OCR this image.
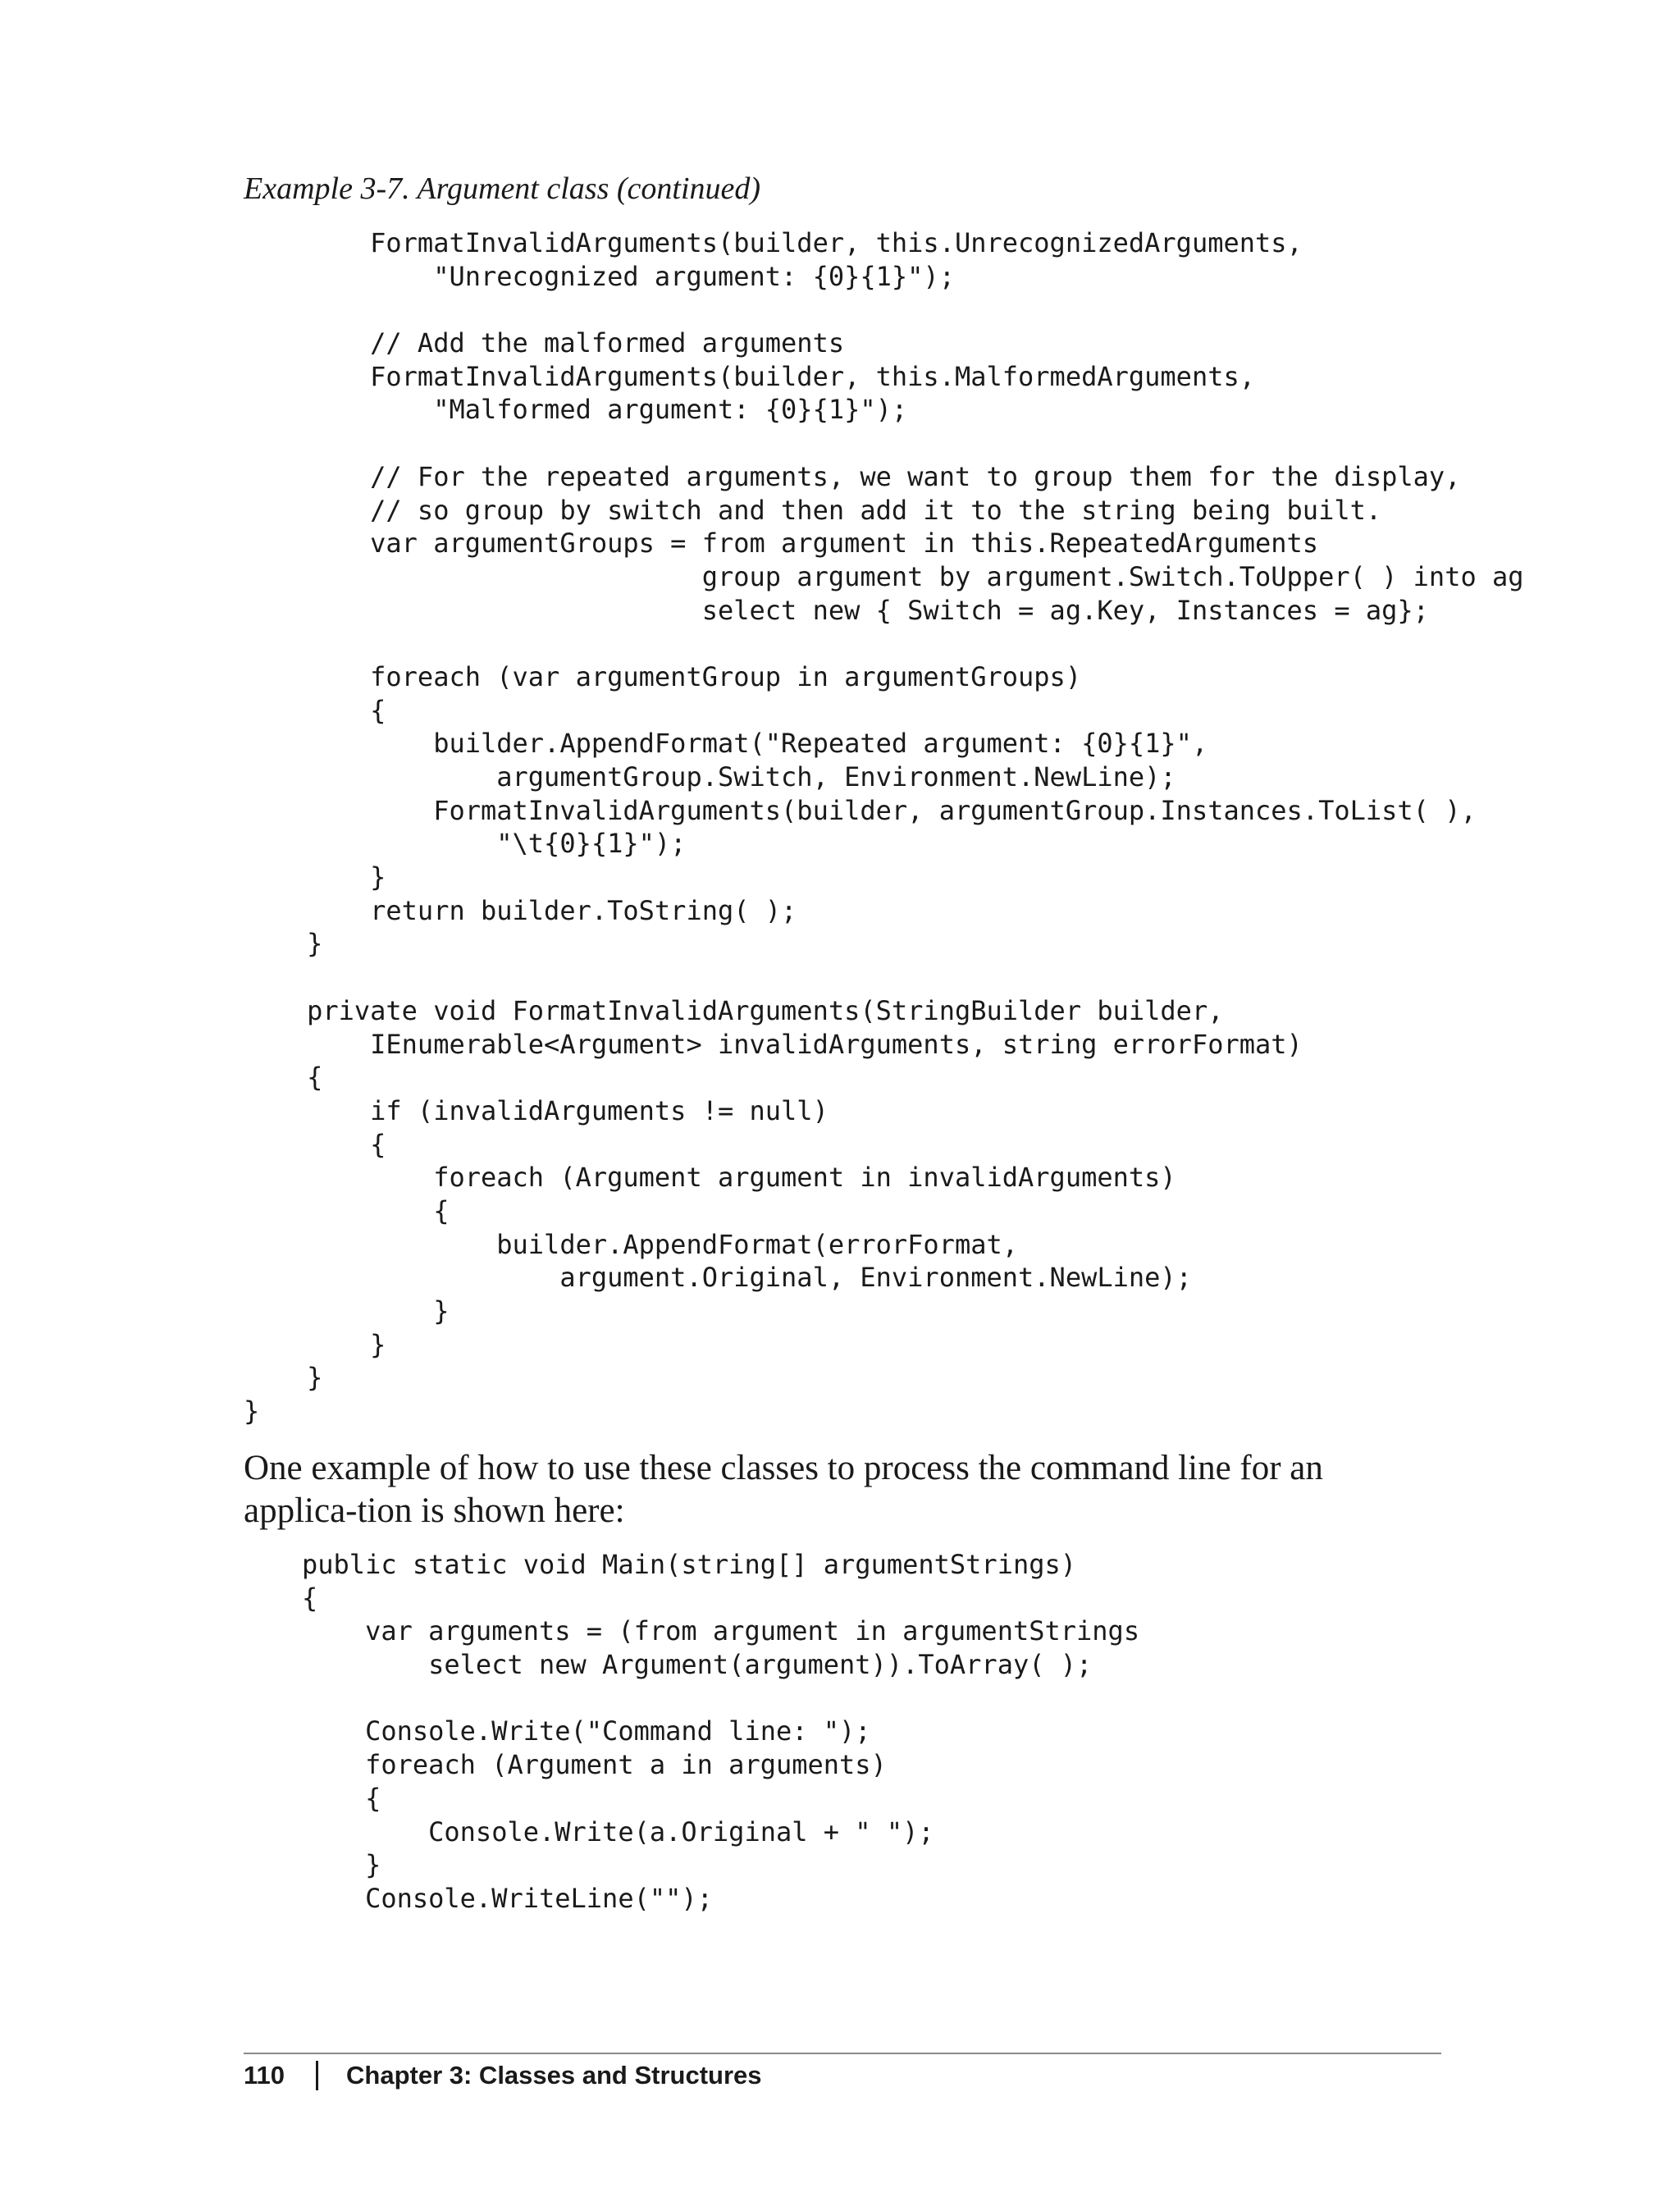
Example 3-7. Argument class (continued)
FormatInvalidArguments(builder, this.UnrecognizedArguments,
"Unrecognized argument: {0}{1}");
// Add the malformed arguments
FormatInvalidArguments(builder, this.MalformedArguments,
"Malformed argument: {0}{1}");
// For the repeated arguments, we want to group them for the display,
// so group by switch and then add it to the string being built.
var argumentGroups = from argument in this.RepeatedArguments
group argument by argument.Switch.ToUpper( ) into ag
select new { Switch = ag.Key, Instances = ag};
foreach (var argumentGroup in argumentGroups)
{
builder.AppendFormat("Repeated argument: {0}{1}",
argumentGroup.Switch, Environment.NewLine);
FormatInvalidArguments(builder, argumentGroup.Instances.ToList( ),
"\t{0}{1}");
}
return builder.ToString( );
}
private void FormatInvalidArguments(StringBuilder builder,
IEnumerable<Argument> invalidArguments, string errorFormat)
{
if (invalidArguments != null)
{
foreach (Argument argument in invalidArguments)
{
builder.AppendFormat(errorFormat,
argument.Original, Environment.NewLine);
}
}
}
}

One example of how to use these classes to process the command line for an applica-tion is shown here:

public static void Main(string[] argumentStrings)
{
var arguments = (from argument in argumentStrings
select new Argument(argument)).ToArray( );
Console.Write("Command line: ");
foreach (Argument a in arguments)
{
Console.Write(a.Original + " ");
}
Console.WriteLine("");
110 Chapter 3: Classes and Structures
